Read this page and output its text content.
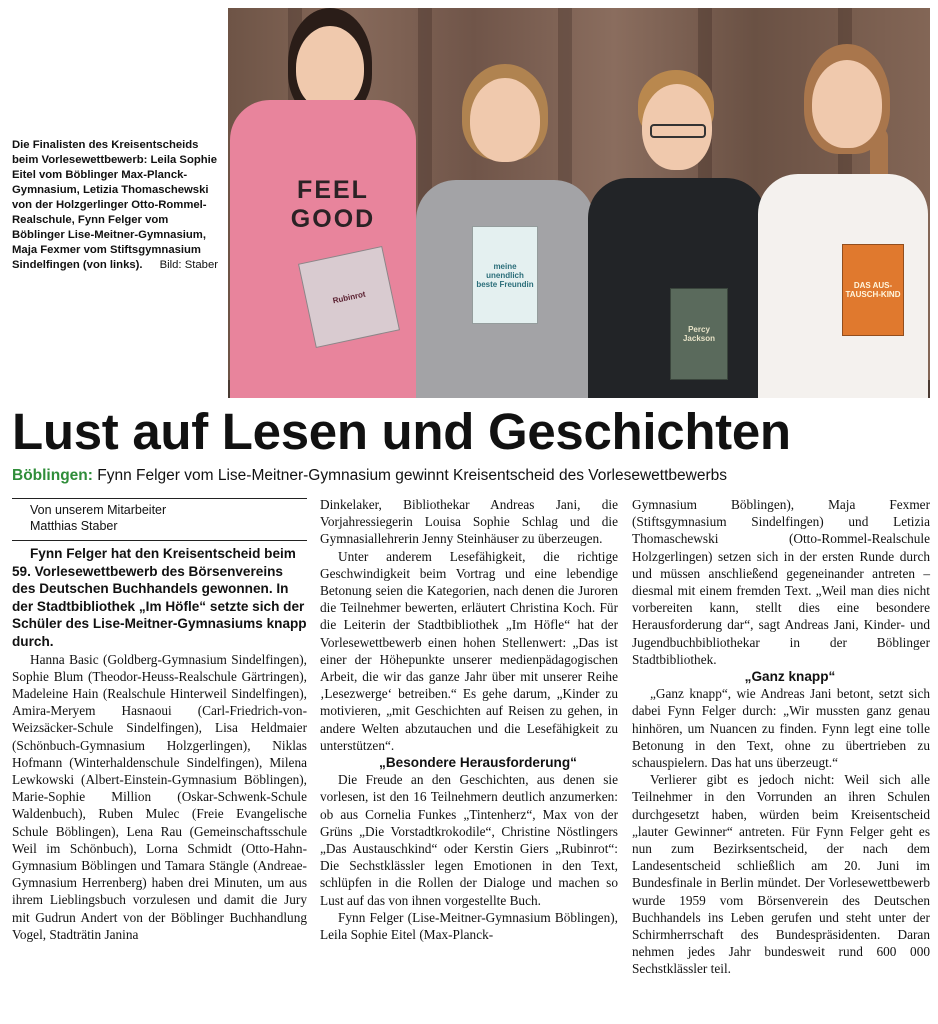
Die Finalisten des Kreisentscheids beim Vorlesewettbewerb: Leila Sophie Eitel vom Böblinger Max-Planck-Gymnasium, Letizia Thomaschewski von der Holzgerlinger Otto-Rommel-Realschule, Fynn Felger vom Böblinger Lise-Meitner-Gymnasium, Maja Fexmer vom Stiftsgymnasium Sindelfingen (von links). Bild: Staber

FEEL
GOOD
Rubinrot
meine unendlich beste Freundin
Percy Jackson
DAS AUS-TAUSCH-KIND
Lust auf Lesen und Geschichten

Böblingen: Fynn Felger vom Lise-Meitner-Gymnasium gewinnt Kreisentscheid des Vorlesewettbewerbs

Von unserem Mitarbeiter

Matthias Staber

Fynn Felger hat den Kreisentscheid beim 59. Vorlesewettbewerb des Börsenvereins des Deutschen Buchhandels gewonnen. In der Stadtbibliothek „Im Höfle“ setzte sich der Schüler des Lise-Meitner-Gymnasiums knapp durch.

Hanna Basic (Goldberg-Gymnasium Sindelfingen), Sophie Blum (Theodor-Heuss-Realschule Gärtringen), Madeleine Hain (Realschule Hinterweil Sindelfingen), Amira-Meryem Hasnaoui (Carl-Friedrich-von-Weizsäcker-Schule Sindelfingen), Lisa Heldmaier (Schönbuch-Gymnasium Holzgerlingen), Niklas Hofmann (Winterhaldenschule Sindelfingen), Milena Lewkowski (Albert-Einstein-Gymnasium Böblingen), Marie-Sophie Million (Oskar-Schwenk-Schule Waldenbuch), Ruben Mulec (Freie Evangelische Schule Böblingen), Lena Rau (Gemeinschaftsschule Weil im Schönbuch), Lorna Schmidt (Otto-Hahn-Gymnasium Böblingen und Tamara Stängle (Andreae-Gymnasium Herrenberg) haben drei Minuten, um aus ihrem Lieblingsbuch vorzulesen und damit die Jury mit Gudrun Andert von der Böblinger Buchhandlung Vogel, Stadträtin Janina

Dinkelaker, Bibliothekar Andreas Jani, die Vorjahressiegerin Louisa Sophie Schlag und die Gymnasiallehrerin Jenny Steinhäuser zu überzeugen.

Unter anderem Lesefähigkeit, die richtige Geschwindigkeit beim Vortrag und eine lebendige Betonung seien die Kategorien, nach denen die Juroren die Teilnehmer bewerten, erläutert Christina Koch. Für die Leiterin der Stadtbibliothek „Im Höfle“ hat der Vorlesewettbewerb einen hohen Stellenwert: „Das ist einer der Höhepunkte unserer medienpädagogischen Arbeit, die wir das ganze Jahr über mit unserer Reihe ‚Lesezwerge‘ betreiben.“ Es gehe darum, „Kinder zu motivieren, „mit Geschichten auf Reisen zu gehen, in andere Welten abzutauchen und die Lesefähigkeit zu unterstützen“.

„Besondere Herausforderung“

Die Freude an den Geschichten, aus denen sie vorlesen, ist den 16 Teilnehmern deutlich anzumerken: ob aus Cornelia Funkes „Tintenherz“, Max von der Grüns „Die Vorstadtkrokodile“, Christine Nöstlingers „Das Austauschkind“ oder Kerstin Giers „Rubinrot“: Die Sechstklässler legen Emotionen in den Text, schlüpfen in die Rollen der Dialoge und machen so Lust auf das von ihnen vorgestellte Buch.

Fynn Felger (Lise-Meitner-Gymnasium Böblingen), Leila Sophie Eitel (Max-Planck-

Gymnasium Böblingen), Maja Fexmer (Stiftsgymnasium Sindelfingen) und Letizia Thomaschewski (Otto-Rommel-Realschule Holzgerlingen) setzen sich in der ersten Runde durch und müssen anschließend gegeneinander antreten – diesmal mit einem fremden Text. „Weil man dies nicht vorbereiten kann, stellt dies eine besondere Herausforderung dar“, sagt Andreas Jani, Kinder- und Jugendbuchbibliothekar in der Böblinger Stadtbibliothek.

„Ganz knapp“

„Ganz knapp“, wie Andreas Jani betont, setzt sich dabei Fynn Felger durch: „Wir mussten ganz genau hinhören, um Nuancen zu finden. Fynn legt eine tolle Betonung in den Text, ohne zu übertrieben zu schauspielern. Das hat uns überzeugt.“

Verlierer gibt es jedoch nicht: Weil sich alle Teilnehmer in den Vorrunden an ihren Schulen durchgesetzt haben, würden beim Kreisentscheid „lauter Gewinner“ antreten. Für Fynn Felger geht es nun zum Bezirksentscheid, der nach dem Landesentscheid schließlich am 20. Juni im Bundesfinale in Berlin mündet. Der Vorlesewettbewerb wurde 1959 vom Börsenverein des Deutschen Buchhandels ins Leben gerufen und steht unter der Schirmherrschaft des Bundespräsidenten. Daran nehmen jedes Jahr bundesweit rund 600 000 Sechstklässler teil.
